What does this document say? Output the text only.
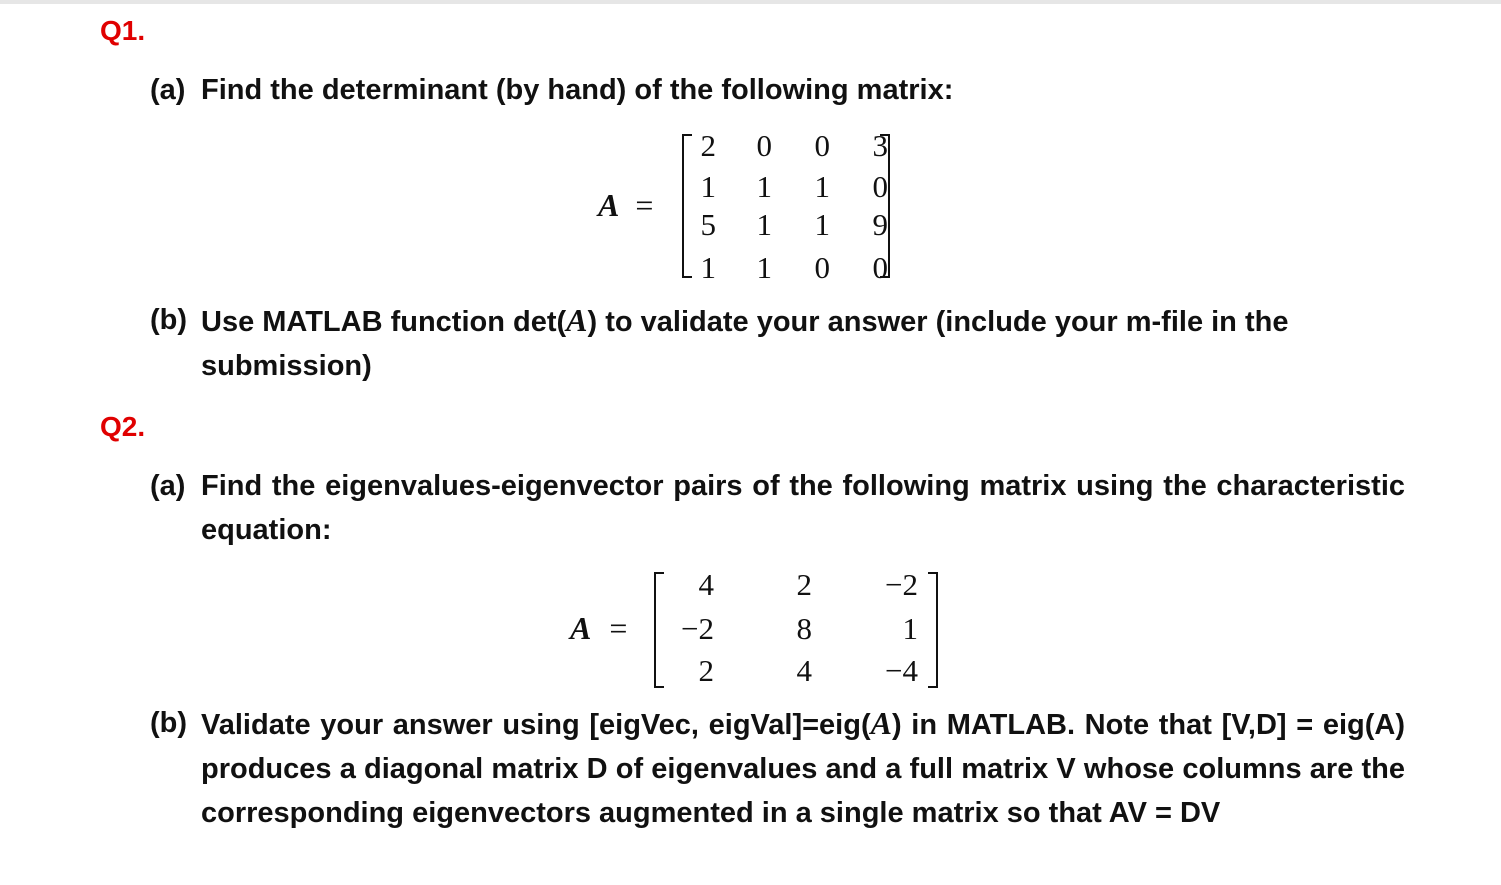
Q1.
(a) Find the determinant (by hand) of the following matrix:
A =
2	0	0	3
1	1	1	0
5	1	1	9
1	1	0	0
(b) Use MATLAB function det(A) to validate your answer (include your m-file in the submission)
Q2.
(a) Find the eigenvalues-eigenvector pairs of the following matrix using the characteristic equation:
A =
4	2	−2
−2	8	1
2	4	−4
(b) Validate your answer using [eigVec, eigVal]=eig(A) in MATLAB. Note that [V,D] = eig(A) produces a diagonal matrix D of eigenvalues and a full matrix V whose columns are the corresponding eigenvectors augmented in a single matrix so that AV = DV
